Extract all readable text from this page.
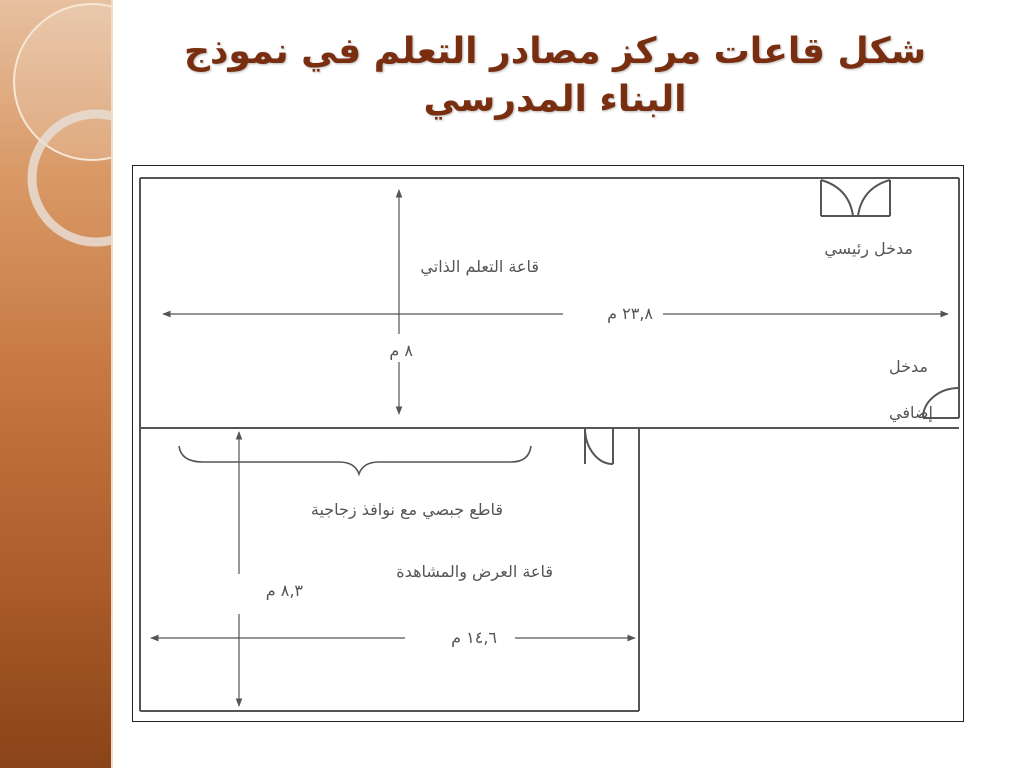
شكل قاعات مركز مصادر التعلم في نموذج
البناء المدرسي
قاعة التعلم الذاتي
مدخل رئيسي
٢٣,٨ م
٨ م
مدخل
إضافي
قاطع جبصي مع نوافذ زجاجية
قاعة العرض والمشاهدة
٨,٣ م
١٤,٦ م
